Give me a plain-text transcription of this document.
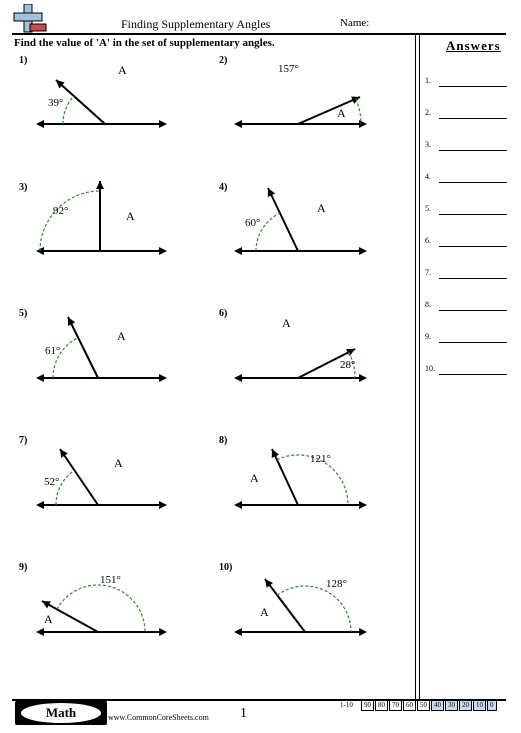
Finding Supplementary Angles	Name:
Find the value of 'A' in the set of supplementary angles.	Answers
1.
2.
3.
4.
5.
6.
7.
8.
9.
10.
1)
39°
A
2)
157°
A
3)
92°	A
4)
60°
A
5)
61°
A
6)
28°
A
7)
52°
A
8)
121°
A
9)
151°
A
10)
128°
A
Math	www.CommonCoreSheets.com 1
1-10	90	80	70	60	50	40	30	20	10	0
